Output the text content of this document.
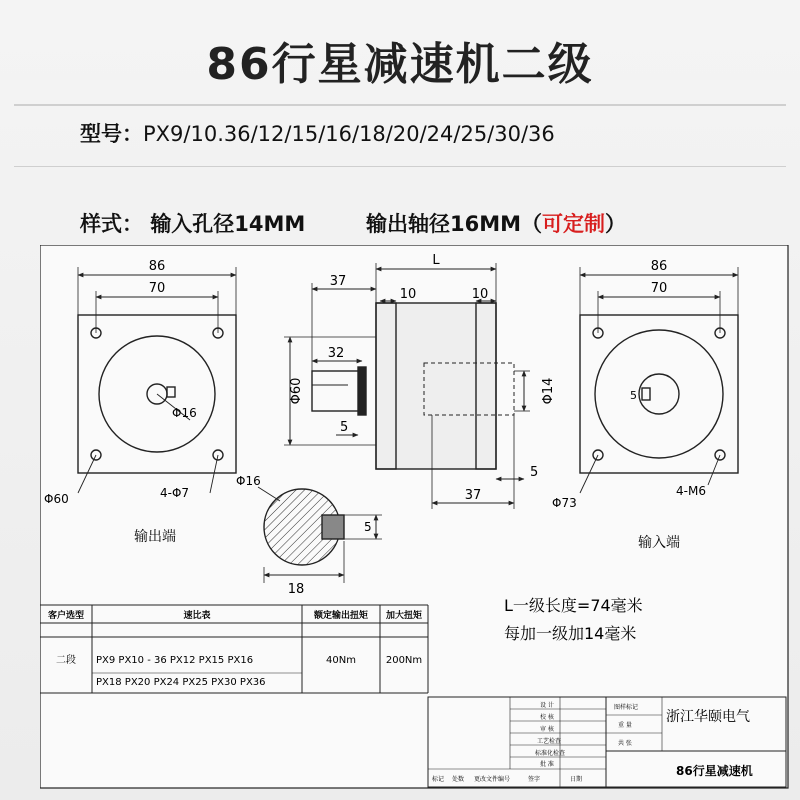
86行星减速机二级
型号：PX9/10.36/12/15/16/18/20/24/25/30/36
样式： 输入孔径14MM	输出轴径16MM（可定制）
86
70
Φ16
Φ60	4-Φ7
输出端
L
37
10	10
32
Φ60
5
Φ14
5
37
Φ16
18
5
86
70
5
Φ73
4-M6
输入端
L一级长度=74毫米
每加一级加14毫米
客户选型	速比表	额定输出扭矩 加大扭矩
二段 PX9 PX10 - 36 PX12 PX15 PX16
PX18 PX20 PX24 PX25 PX30 PX36
40Nm	200Nm
设 计
校 核
审 核
工艺检查
标准化检查
批 准
图样标记
重 量
共 张
浙江华颐电气
86行星减速机
标记 处数 更改文件编号	签字	日期
